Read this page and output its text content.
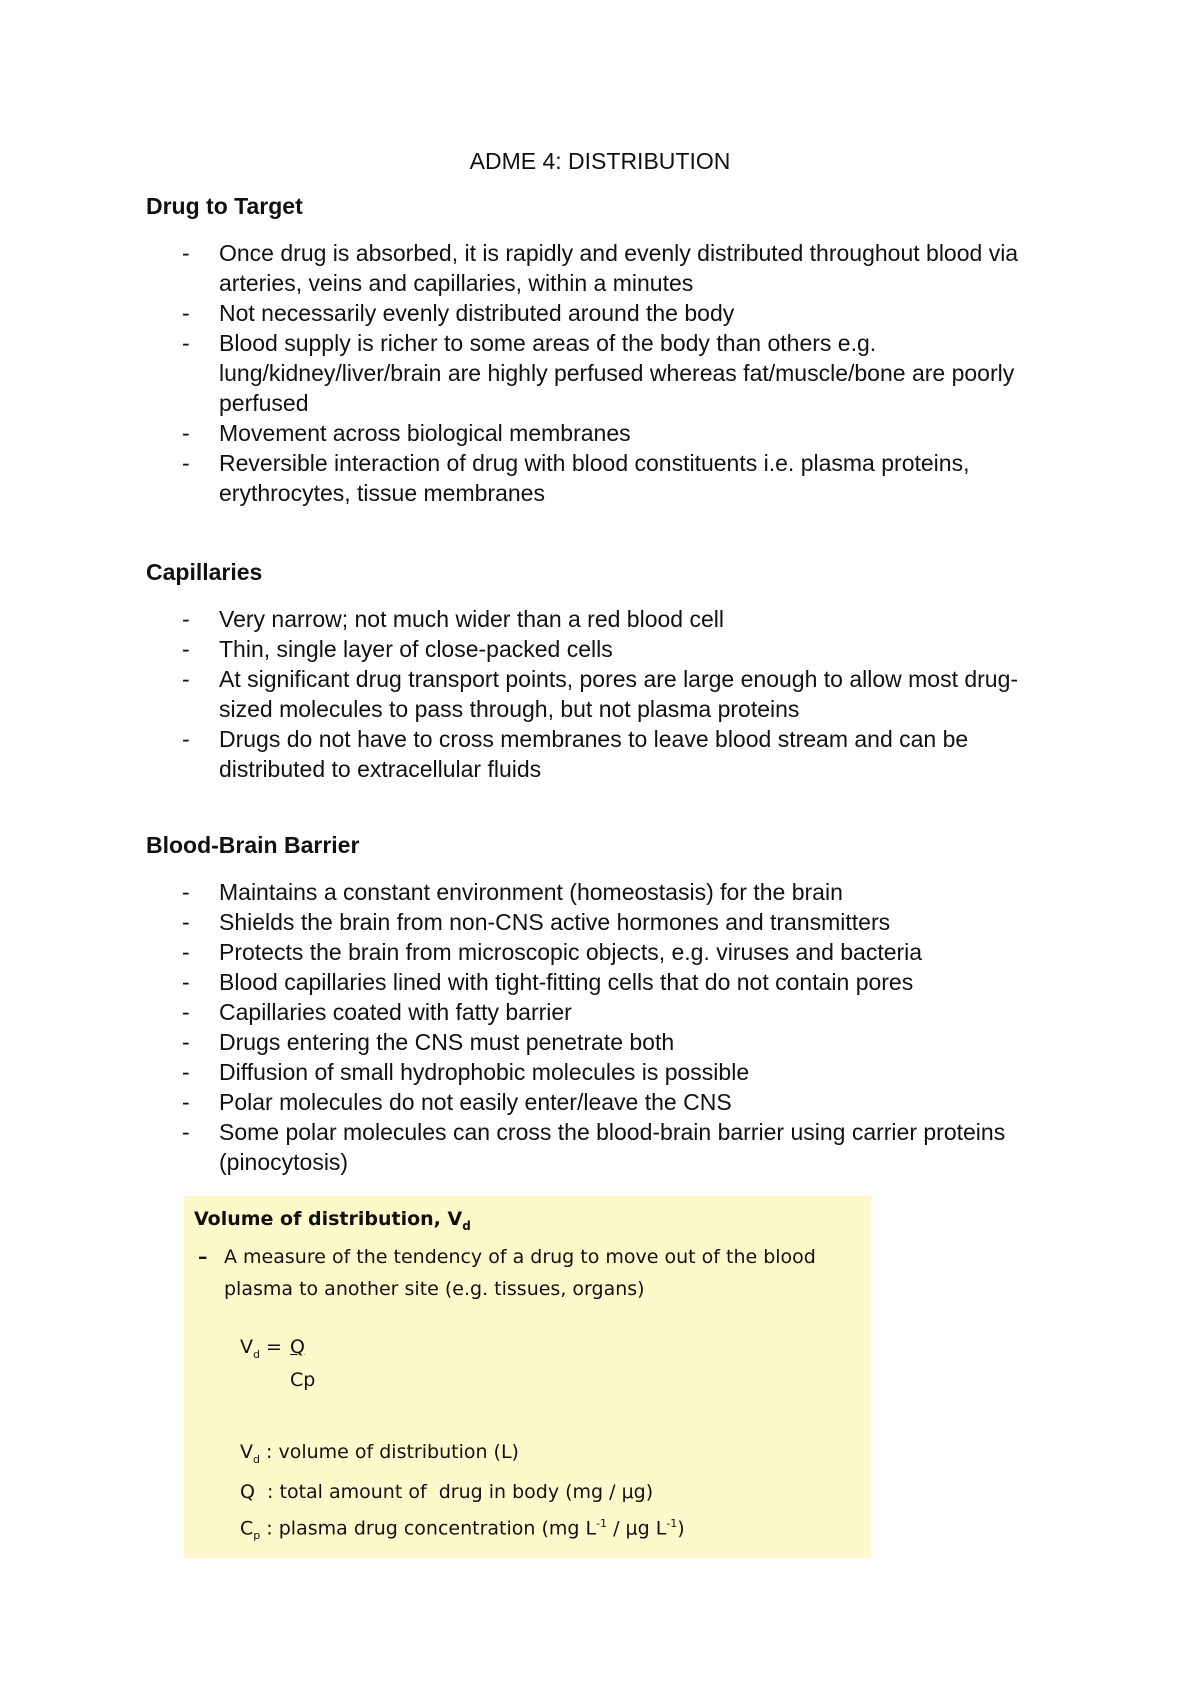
ADME 4: DISTRIBUTION
Drug to Target
- Once drug is absorbed, it is rapidly and evenly distributed throughout blood via arteries, veins and capillaries, within a minutes
- Not necessarily evenly distributed around the body
- Blood supply is richer to some areas of the body than others e.g. lung/kidney/liver/brain are highly perfused whereas fat/muscle/bone are poorly perfused
- Movement across biological membranes
- Reversible interaction of drug with blood constituents i.e. plasma proteins, erythrocytes, tissue membranes
Capillaries
- Very narrow; not much wider than a red blood cell
- Thin, single layer of close-packed cells
- At significant drug transport points, pores are large enough to allow most drug-sized molecules to pass through, but not plasma proteins
- Drugs do not have to cross membranes to leave blood stream and can be distributed to extracellular fluids
Blood-Brain Barrier
- Maintains a constant environment (homeostasis) for the brain
- Shields the brain from non-CNS active hormones and transmitters
- Protects the brain from microscopic objects, e.g. viruses and bacteria
- Blood capillaries lined with tight-fitting cells that do not contain pores
- Capillaries coated with fatty barrier
- Drugs entering the CNS must penetrate both
- Diffusion of small hydrophobic molecules is possible
- Polar molecules do not easily enter/leave the CNS
- Some polar molecules can cross the blood-brain barrier using carrier proteins (pinocytosis)
Volume of distribution, $V_d$
– A measure of the tendency of a drug to move out of the blood plasma to another site (e.g. tissues, organs)
$V_d = Q$
Cp
$V_d$ : volume of distribution (L)
Q  : total amount of  drug in body (mg / μg)
$C_p$ : plasma drug concentration (mg $L^{-1}$ / μg $L^{-1}$)
